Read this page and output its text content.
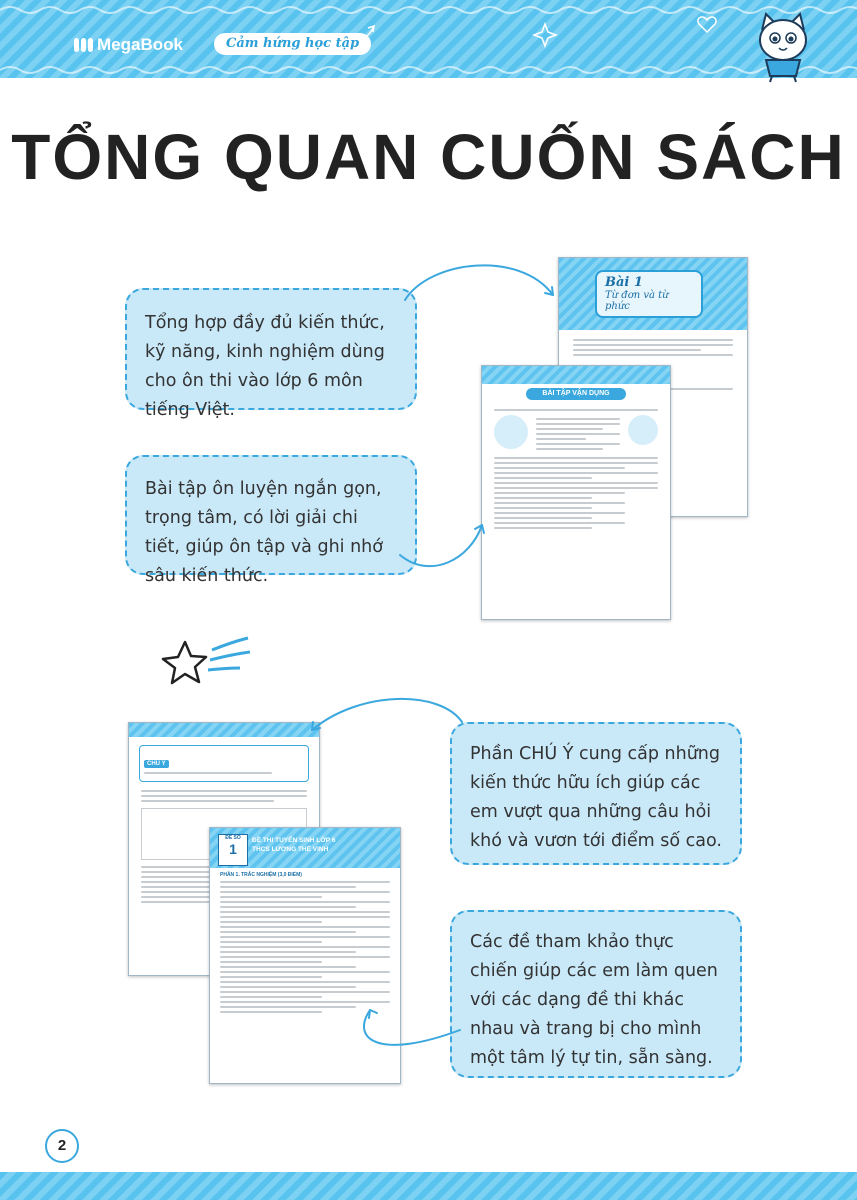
MegaBook	Cảm hứng học tập
TỔNG QUAN CUỐN SÁCH
Bài 1
Từ đơn và từ phức
BÀI TẬP VẬN DỤNG
CHÚ Ý
ĐỀ SỐ
1
ĐỀ THI TUYỂN SINH LỚP 6 THCS LƯƠNG THẾ VINH
PHẦN 1. TRẮC NGHIỆM (3,0 ĐIỂM)
Tổng hợp đầy đủ kiến thức, kỹ năng, kinh nghiệm dùng cho ôn thi vào lớp 6 môn tiếng Việt.
Bài tập ôn luyện ngắn gọn, trọng tâm, có lời giải chi tiết, giúp ôn tập và ghi nhớ sâu kiến thức.
Phần CHÚ Ý cung cấp những kiến thức hữu ích giúp các em vượt qua những câu hỏi khó và vươn tới điểm số cao.
Các đề tham khảo thực chiến giúp các em làm quen với các dạng đề thi khác nhau và trang bị cho mình một tâm lý tự tin, sẵn sàng.
2
